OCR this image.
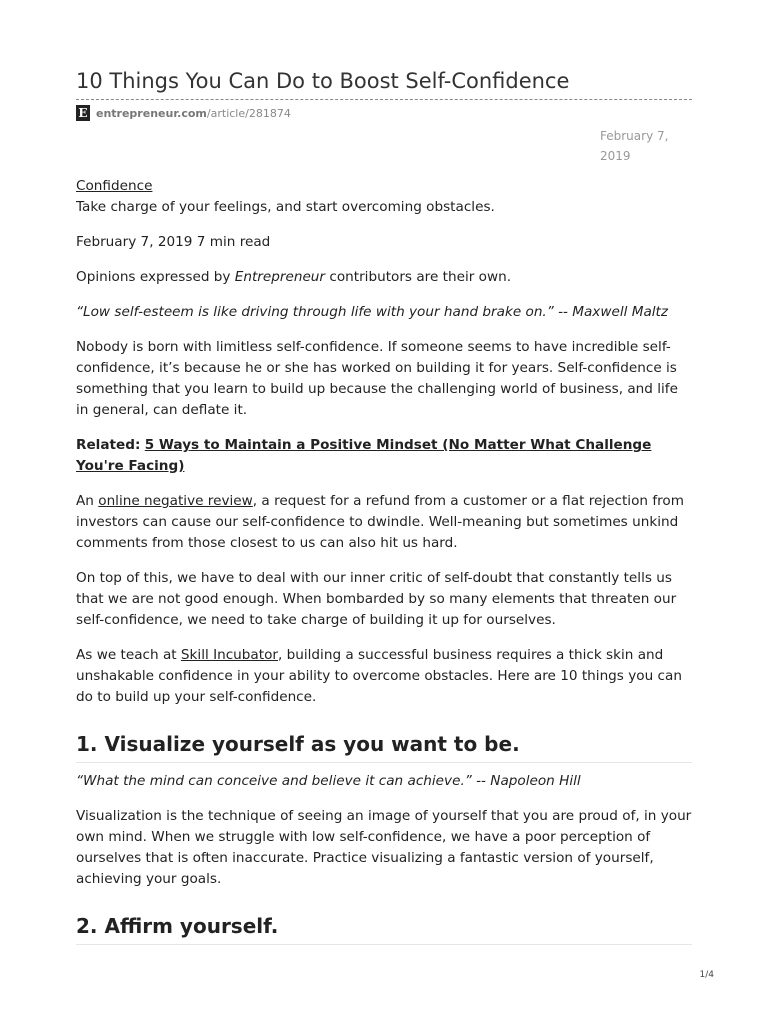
10 Things You Can Do to Boost Self-Confidence
E entrepreneur.com /article/281874
February 7, 2019
Confidence
Take charge of your feelings, and start overcoming obstacles.

February 7, 2019 7 min read

Opinions expressed by Entrepreneur contributors are their own.

“Low self-esteem is like driving through life with your hand brake on.” -- Maxwell Maltz

Nobody is born with limitless self-confidence. If someone seems to have incredible self-confidence, it’s because he or she has worked on building it for years. Self-confidence is something that you learn to build up because the challenging world of business, and life in general, can deflate it.

Related: 5 Ways to Maintain a Positive Mindset (No Matter What Challenge You're Facing)

An online negative review, a request for a refund from a customer or a flat rejection from investors can cause our self-confidence to dwindle. Well-meaning but sometimes unkind comments from those closest to us can also hit us hard.

On top of this, we have to deal with our inner critic of self-doubt that constantly tells us that we are not good enough. When bombarded by so many elements that threaten our self-confidence, we need to take charge of building it up for ourselves.

As we teach at Skill Incubator, building a successful business requires a thick skin and unshakable confidence in your ability to overcome obstacles. Here are 10 things you can do to build up your self-confidence.

1. Visualize yourself as you want to be.

“What the mind can conceive and believe it can achieve.” -- Napoleon Hill

Visualization is the technique of seeing an image of yourself that you are proud of, in your own mind. When we struggle with low self-confidence, we have a poor perception of ourselves that is often inaccurate. Practice visualizing a fantastic version of yourself, achieving your goals.

2. Affirm yourself.
1/4
